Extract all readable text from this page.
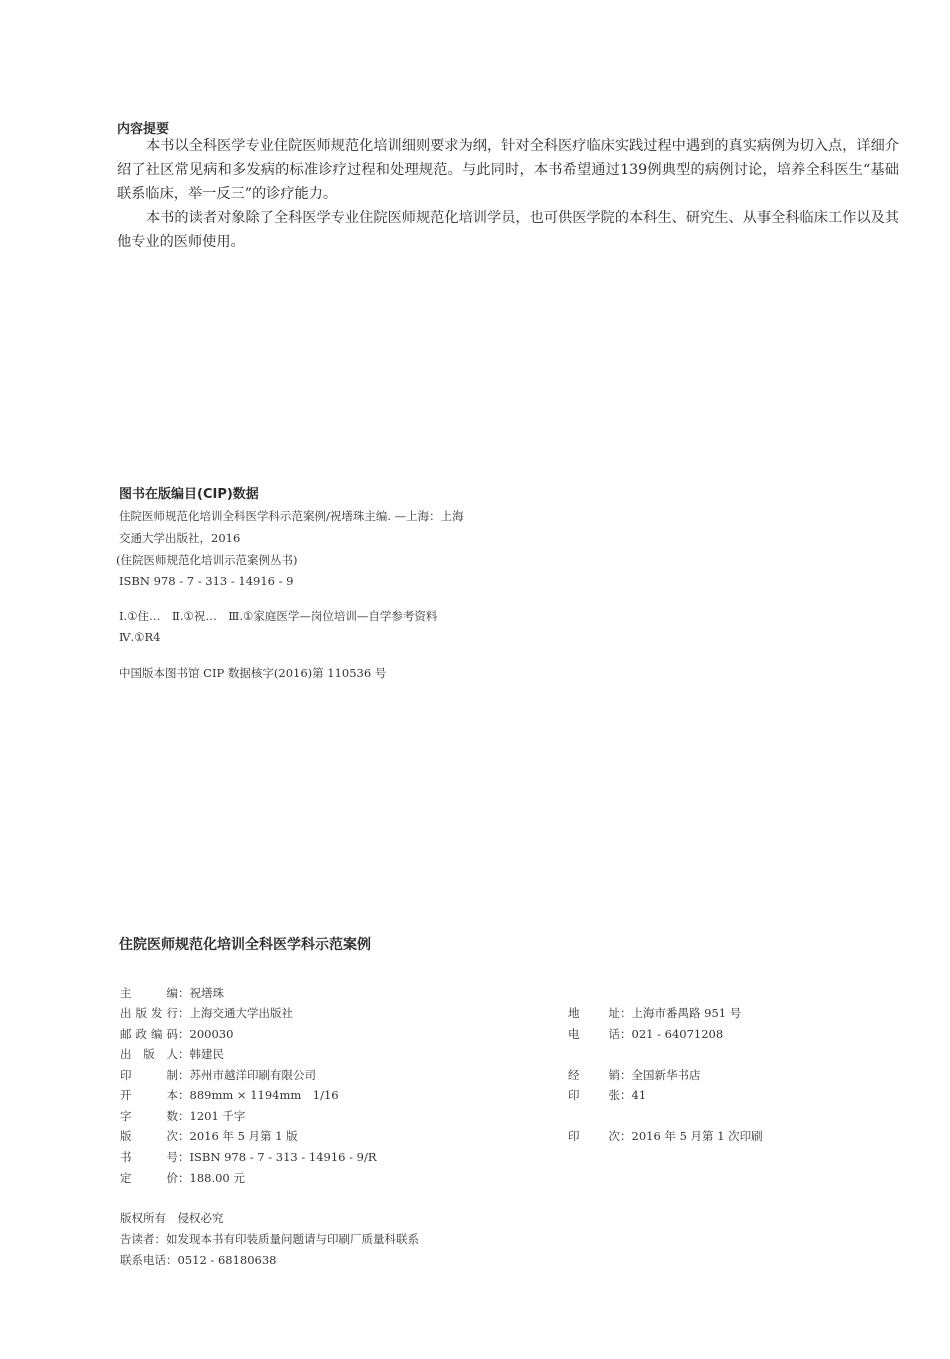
内容提要
本书以全科医学专业住院医师规范化培训细则要求为纲，针对全科医疗临床实践过程中遇到的真实病例为切入点，详细介绍了社区常见病和多发病的标准诊疗过程和处理规范。与此同时，本书希望通过139例典型的病例讨论，培养全科医生“基础联系临床，举一反三”的诊疗能力。
本书的读者对象除了全科医学专业住院医师规范化培训学员，也可供医学院的本科生、研究生、从事全科临床工作以及其他专业的医师使用。
图书在版编目(CIP)数据
住院医师规范化培训全科医学科示范案例/祝墡珠主编. —上海：上海
交通大学出版社，2016
(住院医师规范化培训示范案例丛书)
ISBN 978 - 7 - 313 - 14916 - 9
Ⅰ.①住…　Ⅱ.①祝…　Ⅲ.①家庭医学—岗位培训—自学参考资料
Ⅳ.①R4
中国版本图书馆 CIP 数据核字(2016)第 110536 号
住院医师规范化培训全科医学科示范案例
主　　编：祝墡珠
出版发行：上海交通大学出版社
邮政编码：200030
出 版 人：韩建民
印　　制：苏州市越洋印刷有限公司
开　　本：889mm × 1194mm　1/16
字　　数：1201 千字
版　　次：2016 年 5 月第 1 版
书　　号：ISBN 978 - 7 - 313 - 14916 - 9/R
定　　价：188.00 元
地　　址：上海市番禺路 951 号
电　　话：021 - 64071208
经　　销：全国新华书店
印　　张：41
印　　次：2016 年 5 月第 1 次印刷
版权所有　侵权必究
告读者：如发现本书有印装质量问题请与印刷厂质量科联系
联系电话：0512 - 68180638
